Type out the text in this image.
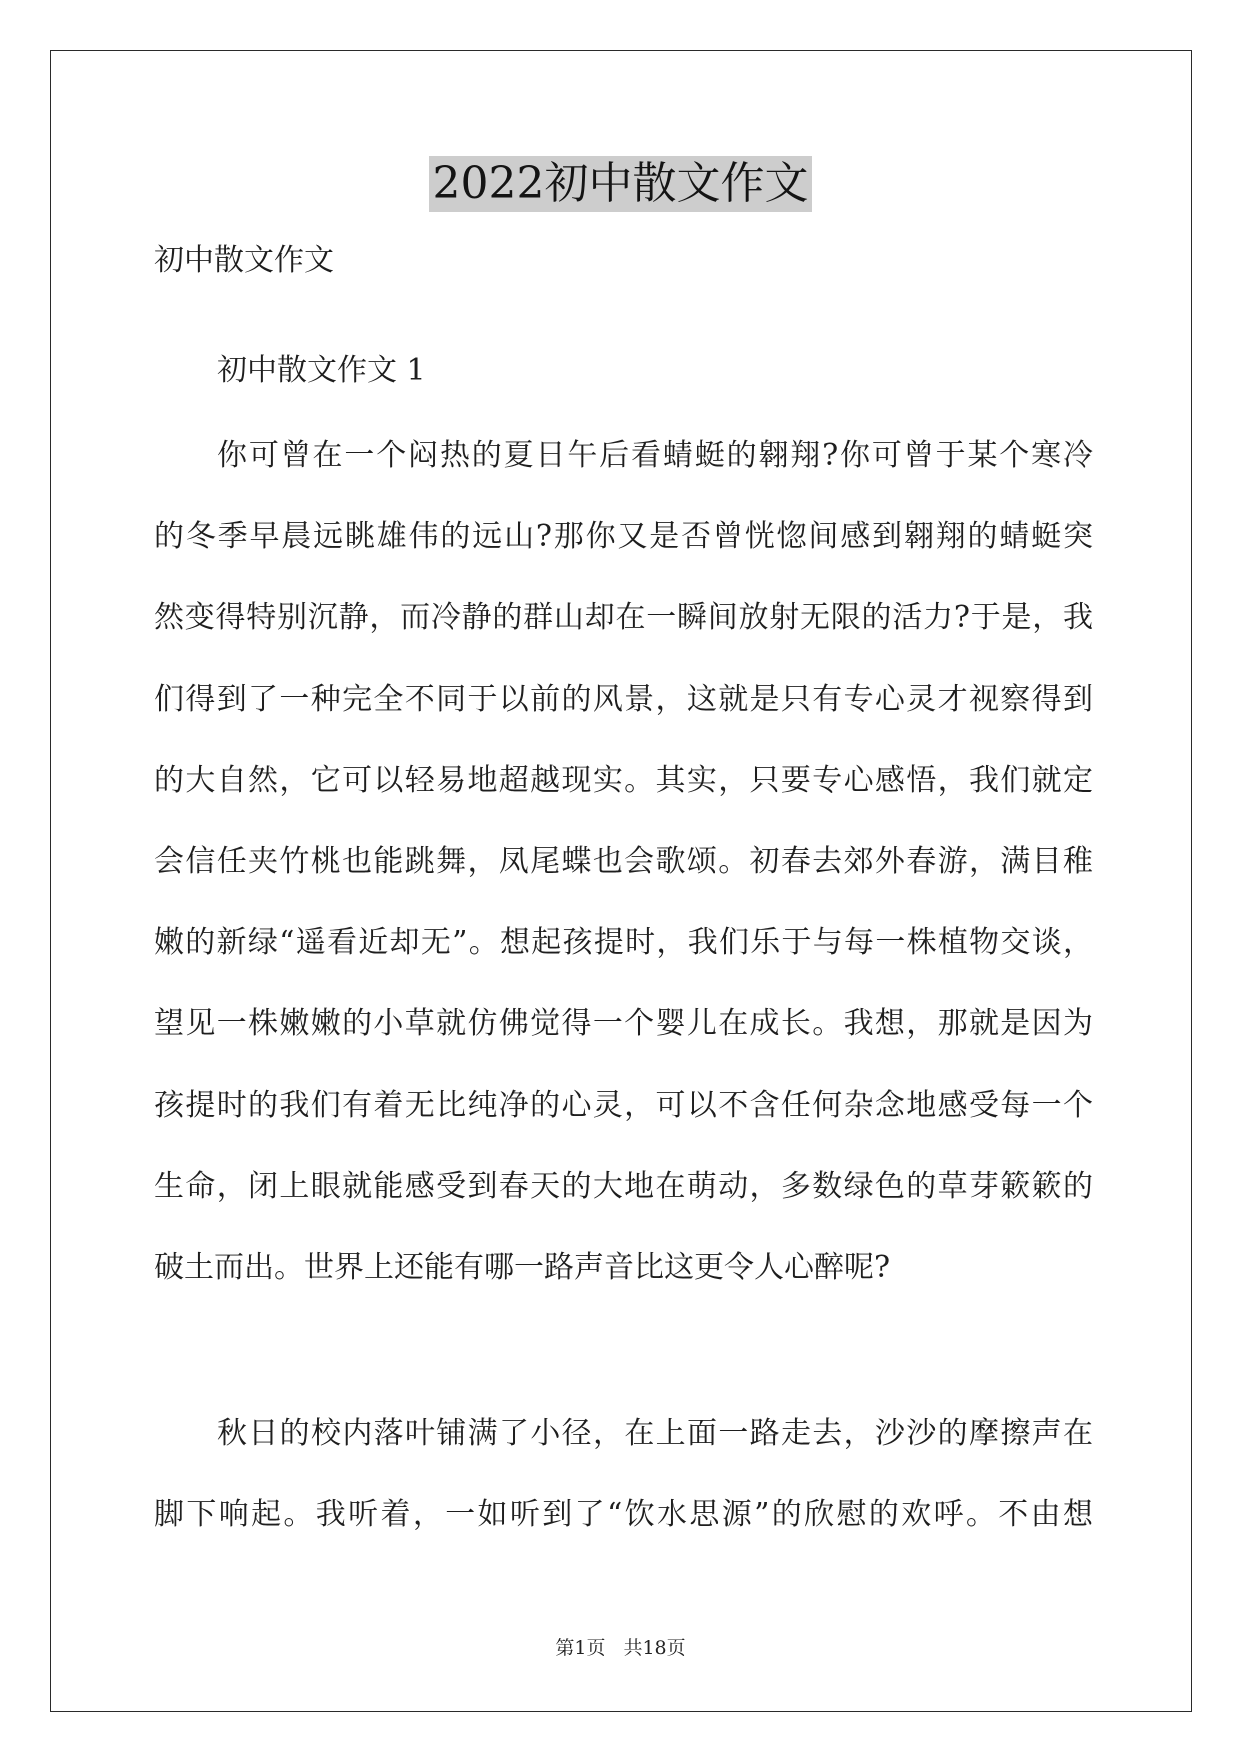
2022初中散文作文
初中散文作文
初中散文作文 1
你可曾在一个闷热的夏日午后看蜻蜓的翱翔?你可曾于某个寒冷
的冬季早晨远眺雄伟的远山?那你又是否曾恍惚间感到翱翔的蜻蜓突
然变得特别沉静，而冷静的群山却在一瞬间放射无限的活力?于是，我
们得到了一种完全不同于以前的风景，这就是只有专心灵才视察得到
的大自然，它可以轻易地超越现实。其实，只要专心感悟，我们就定
会信任夹竹桃也能跳舞，凤尾蝶也会歌颂。初春去郊外春游，满目稚
嫩的新绿“遥看近却无”。想起孩提时，我们乐于与每一株植物交谈，
望见一株嫩嫩的小草就仿佛觉得一个婴儿在成长。我想，那就是因为
孩提时的我们有着无比纯净的心灵，可以不含任何杂念地感受每一个
生命，闭上眼就能感受到春天的大地在萌动，多数绿色的草芽簌簌的
破土而出。世界上还能有哪一路声音比这更令人心醉呢?
秋日的校内落叶铺满了小径，在上面一路走去，沙沙的摩擦声在
脚下响起。我听着，一如听到了“饮水思源”的欣慰的欢呼。不由想
第1页 共18页
